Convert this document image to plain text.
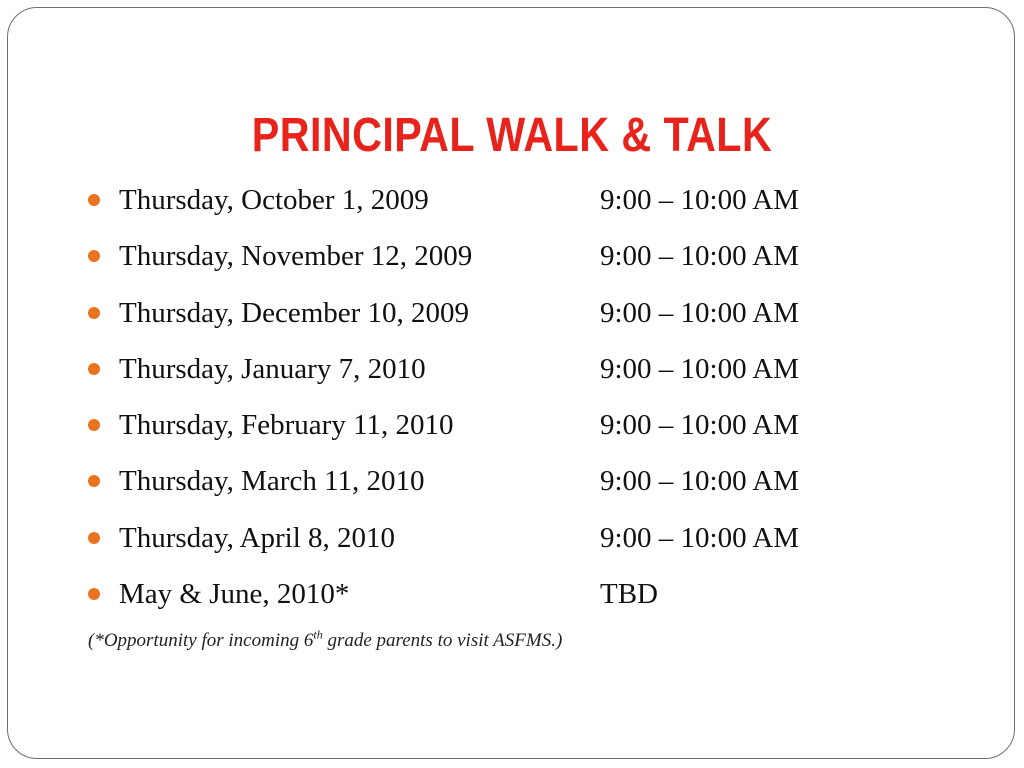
PRINCIPAL WALK & TALK
Thursday, October 1, 2009	9:00 – 10:00 AM
Thursday, November 12, 2009	9:00 – 10:00 AM
Thursday, December 10, 2009	9:00 – 10:00 AM
Thursday, January 7, 2010	9:00 – 10:00 AM
Thursday, February 11, 2010	9:00 – 10:00 AM
Thursday, March 11, 2010	9:00 – 10:00 AM
Thursday, April 8, 2010	9:00 – 10:00 AM
May & June, 2010*	TBD
(*Opportunity for incoming 6th grade parents to visit ASFMS.)
